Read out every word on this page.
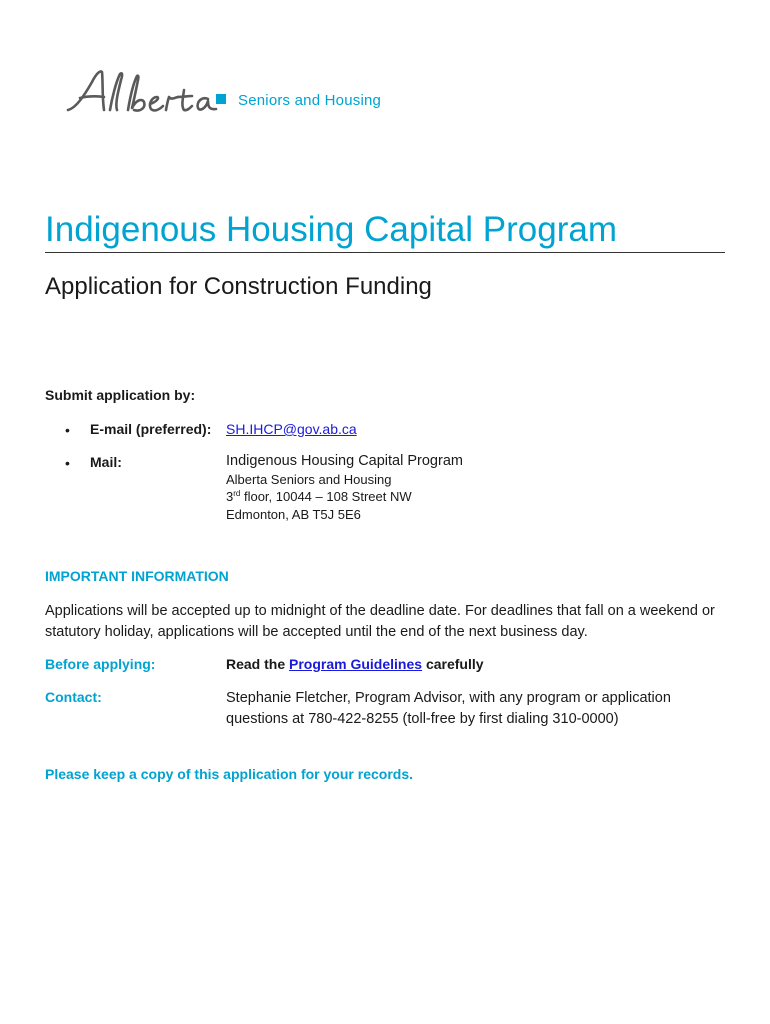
Seniors and Housing
Indigenous Housing Capital Program
Application for Construction Funding
Submit application by:
• E-mail (preferred): SH.IHCP@gov.ab.ca
• Mail:	Indigenous Housing Capital Program
Alberta Seniors and Housing
3rd floor, 10044 – 108 Street NW
Edmonton, AB T5J 5E6
IMPORTANT INFORMATION
Applications will be accepted up to midnight of the deadline date. For deadlines that fall on a weekend or statutory holiday, applications will be accepted until the end of the next business day.
Before applying:	Read the Program Guidelines carefully
Contact:	Stephanie Fletcher, Program Advisor, with any program or application questions at 780-422-8255 (toll-free by first dialing 310-0000)
Please keep a copy of this application for your records.
